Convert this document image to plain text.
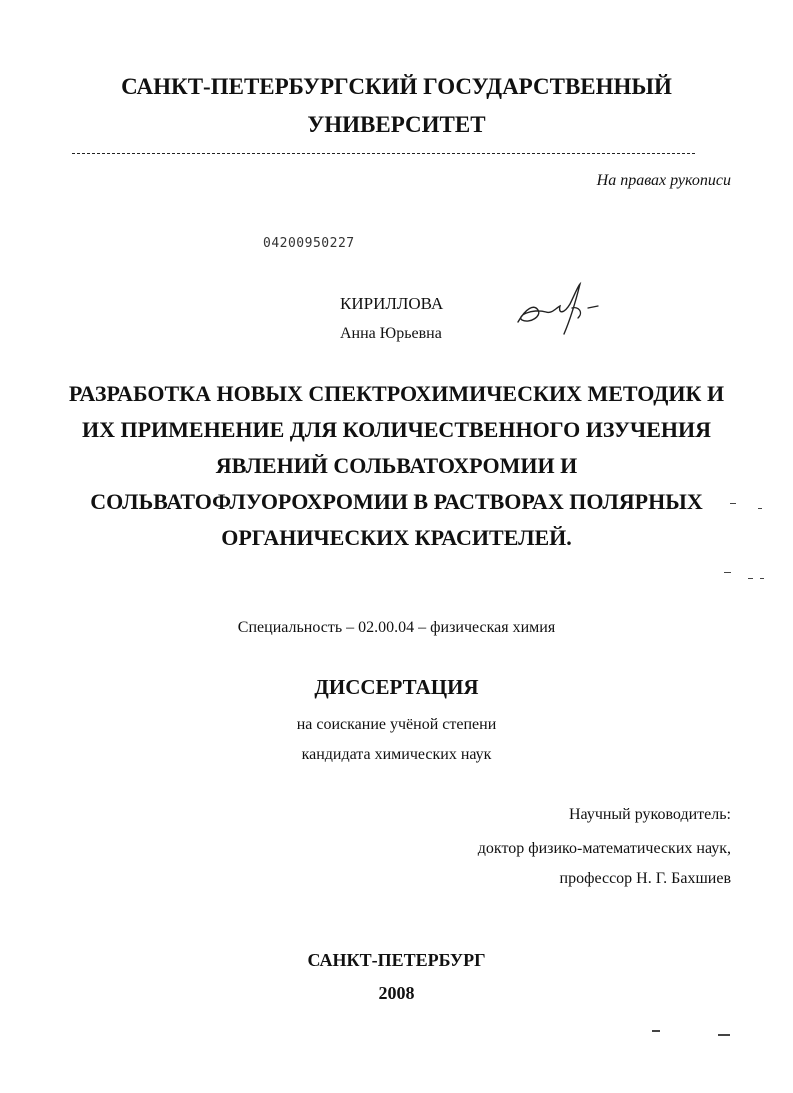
САНКТ-ПЕТЕРБУРГСКИЙ ГОСУДАРСТВЕННЫЙ
УНИВЕРСИТЕТ
На правах рукописи
04200950227
КИРИЛЛОВА
Анна Юрьевна
РАЗРАБОТКА НОВЫХ СПЕКТРОХИМИЧЕСКИХ МЕТОДИК И
ИХ ПРИМЕНЕНИЕ ДЛЯ КОЛИЧЕСТВЕННОГО ИЗУЧЕНИЯ
ЯВЛЕНИЙ СОЛЬВАТОХРОМИИ И
СОЛЬВАТОФЛУОРОХРОМИИ В РАСТВОРАХ ПОЛЯРНЫХ
ОРГАНИЧЕСКИХ КРАСИТЕЛЕЙ.
Специальность – 02.00.04 – физическая химия
ДИССЕРТАЦИЯ
на соискание учёной степени
кандидата химических наук
Научный руководитель:
доктор физико-математических наук,
профессор Н. Г. Бахшиев
САНКТ-ПЕТЕРБУРГ
2008
